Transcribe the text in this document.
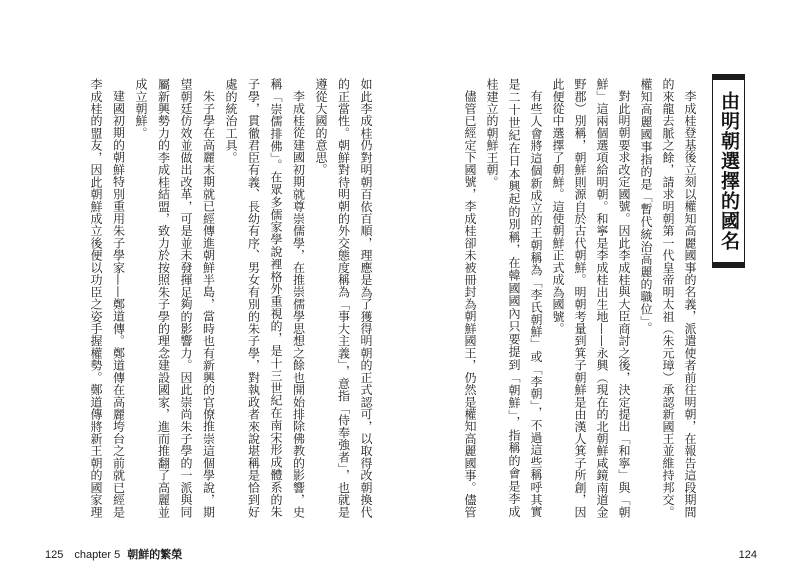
如此李成桂仍對明朝百依百順，理應是為了獲得明朝的正式認可，以取得改朝換代
的正當性。朝鮮對待明朝的外交態度稱為「事大主義」，意指「侍奉強者」，也就是
遵從大國的意思。
李成桂從建國初期就尊崇儒學，在推崇儒學思想之餘也開始排除佛教的影響，史
稱「崇儒排佛」。在眾多儒家學說裡格外重視的，是十三世紀在南宋形成體系的朱
子學，貫徹君臣有義、長幼有序、男女有別的朱子學，對執政者來說堪稱是恰到好
處的統治工具。
朱子學在高麗末期就已經傳進朝鮮半島，當時也有新興的官僚推崇這個學說，期
望朝廷仿效並做出改革，可是並未發揮足夠的影響力。因此崇尚朱子學的一派與同
屬新興勢力的李成桂結盟，致力於按照朱子學的理念建設國家，進而推翻了高麗並
成立朝鮮。
建國初期的朝鮮特別重用朱子學家——鄭道傳。鄭道傳在高麗垮台之前就已經是
李成桂的盟友，因此朝鮮成立後便以功臣之姿手握權勢。鄭道傳將新王朝的國家理
125 chapter 5 朝鮮的繁榮
由明朝選擇的國名
李成桂登基後立刻以權知高麗國事的名義，派遣使者前往明朝，在報告這段期間
的來龍去脈之餘，請求明朝第一代皇帝明太祖（朱元璋）承認新國王並維持邦交。
權知高麗國事指的是「暫代統治高麗的職位」。
對此明朝要求改定國號。因此李成桂與大臣商討之後，決定提出「和寧」與「朝
鮮」這兩個選項給明朝。和寧是李成桂出生地——永興（現在的北朝鮮咸鏡南道金
野郡）別稱，朝鮮則源自於古代朝鮮。明朝考量到箕子朝鮮是由漢人箕子所創，因
此便從中選擇了朝鮮。這使朝鮮正式成為國號。
有些人會將這個新成立的王朝稱為「李氏朝鮮」或「李朝」，不過這些稱呼其實
是二十世紀在日本興起的別稱，在韓國國內只要提到「朝鮮」，指稱的會是李成
桂建立的朝鮮王朝。
儘管已經定下國號，李成桂卻未被冊封為朝鮮國王，仍然是權知高麗國事。儘管
124
